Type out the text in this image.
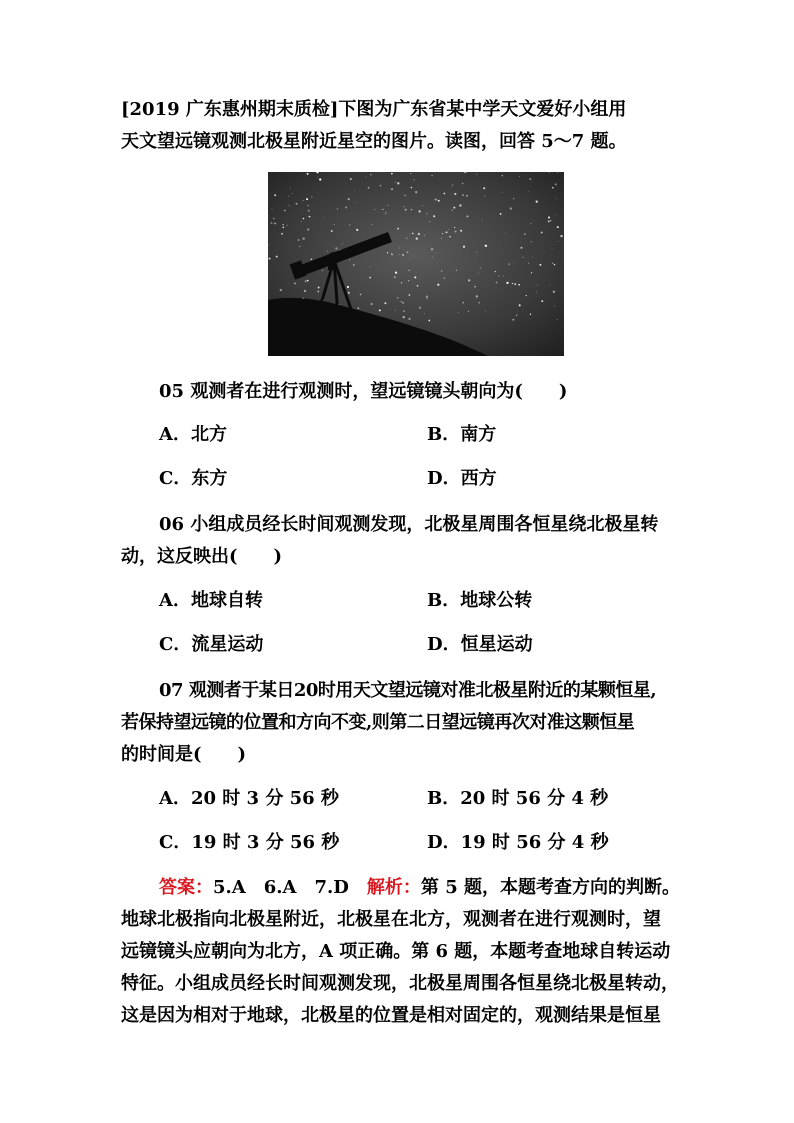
[2019 广东惠州期末质检]下图为广东省某中学天文爱好小组用
天文望远镜观测北极星附近星空的图片。读图，回答 5～7 题。
05 观测者在进行观测时，望远镜镜头朝向为(　　)
A．北方	B．南方
C．东方	D．西方
06 小组成员经长时间观测发现，北极星周围各恒星绕北极星转
动，这反映出(　　)
A．地球自转	B．地球公转
C．流星运动	D．恒星运动
07 观测者于某日20时用天文望远镜对准北极星附近的某颗恒星,
若保持望远镜的位置和方向不变,则第二日望远镜再次对准这颗恒星
的时间是(　　)
A．20 时 3 分 56 秒	B．20 时 56 分 4 秒
C．19 时 3 分 56 秒	D．19 时 56 分 4 秒
答案：5.A　6.A　7.D　 解析：第 5 题，本题考查方向的判断。
地球北极指向北极星附近，北极星在北方，观测者在进行观测时，望
远镜镜头应朝向为北方，A 项正确。第 6 题，本题考查地球自转运动
特征。小组成员经长时间观测发现，北极星周围各恒星绕北极星转动，
这是因为相对于地球，北极星的位置是相对固定的，观测结果是恒星
